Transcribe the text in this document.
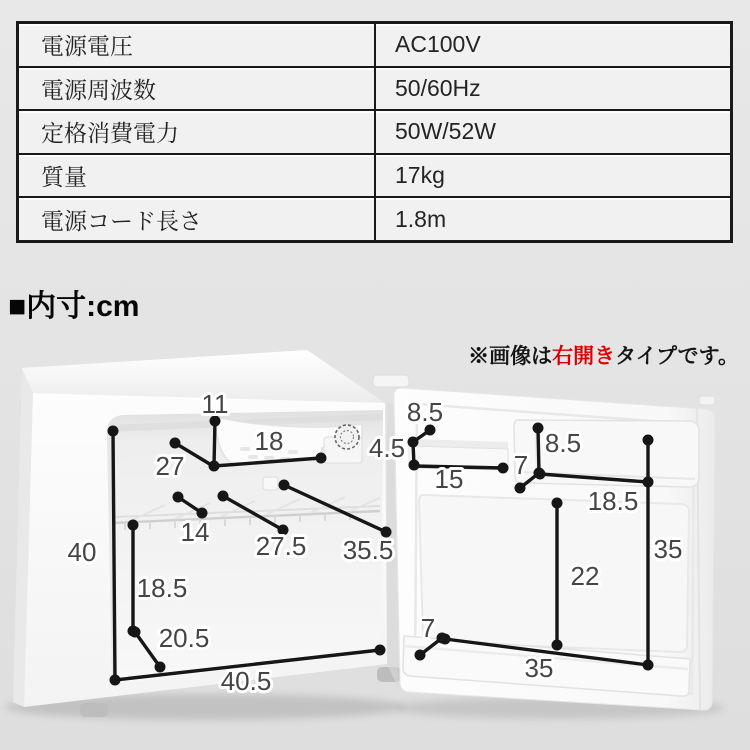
電源電圧	AC100V
電源周波数	50/60Hz
定格消費電力	50W/52W
質量	17kg
電源コード長さ	1.8m
■内寸:cm
※画像は右開きタイプです。
11
18
27
40
14
18.5
20.5
27.5 35.5
40.5
8.5
4.5
15
8.5
7
18.5
35
22
7
35
